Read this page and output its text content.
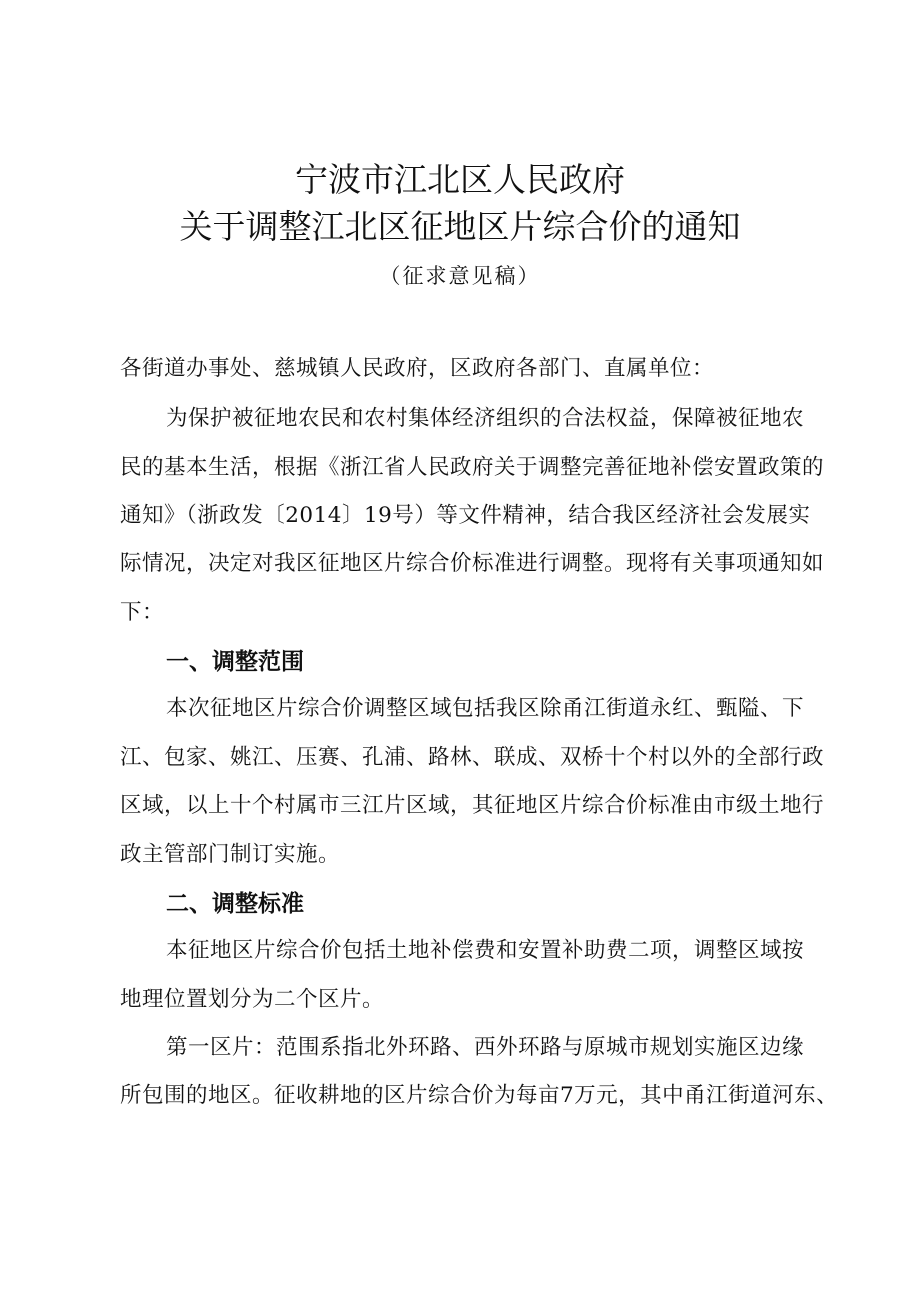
宁波市江北区人民政府
关于调整江北区征地区片综合价的通知
（征求意见稿）
各街道办事处、慈城镇人民政府，区政府各部门、直属单位：
为保护被征地农民和农村集体经济组织的合法权益，保障被征地农
民的基本生活，根据《浙江省人民政府关于调整完善征地补偿安置政策的
通知》（浙政发〔2014〕19号）等文件精神，结合我区经济社会发展实
际情况，决定对我区征地区片综合价标准进行调整。现将有关事项通知如
下：
一、调整范围
本次征地区片综合价调整区域包括我区除甬江街道永红、甄隘、下
江、包家、姚江、压赛、孔浦、路林、联成、双桥十个村以外的全部行政
区域，以上十个村属市三江片区域，其征地区片综合价标准由市级土地行
政主管部门制订实施。
二、调整标准
本征地区片综合价包括土地补偿费和安置补助费二项，调整区域按
地理位置划分为二个区片。
第一区片：范围系指北外环路、西外环路与原城市规划实施区边缘
所包围的地区。征收耕地的区片综合价为每亩7万元，其中甬江街道河东、
